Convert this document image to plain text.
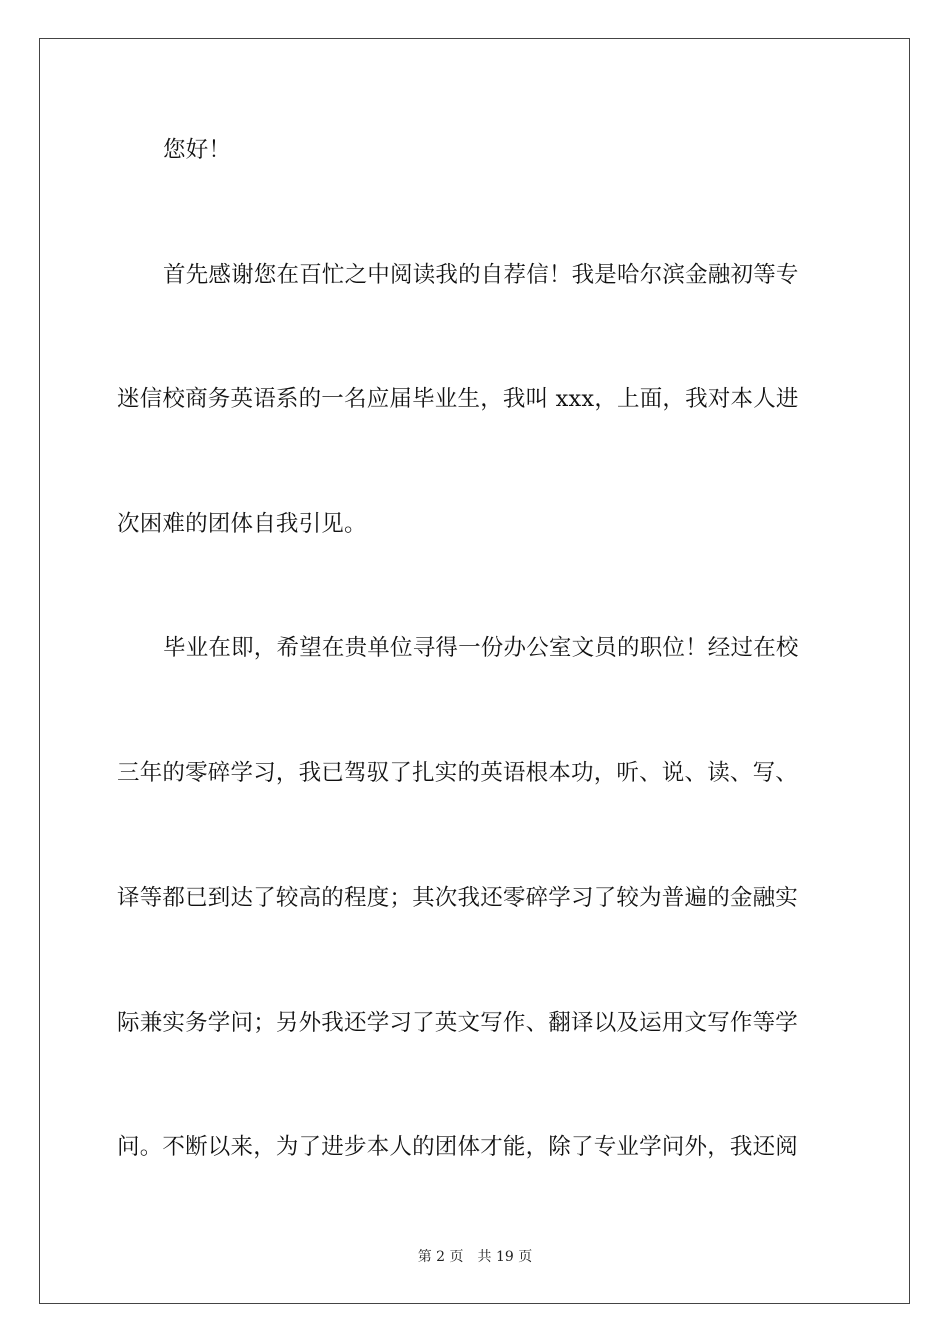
您好！
首先感谢您在百忙之中阅读我的自荐信！我是哈尔滨金融初等专
迷信校商务英语系的一名应届毕业生，我叫 xxx，上面，我对本人进
次困难的团体自我引见。
毕业在即，希望在贵单位寻得一份办公室文员的职位！经过在校
三年的零碎学习，我已驾驭了扎实的英语根本功，听、说、读、写、
译等都已到达了较高的程度；其次我还零碎学习了较为普遍的金融实
际兼实务学问；另外我还学习了英文写作、翻译以及运用文写作等学
问。不断以来，为了进步本人的团体才能，除了专业学问外，我还阅
第 2 页 共 19 页
